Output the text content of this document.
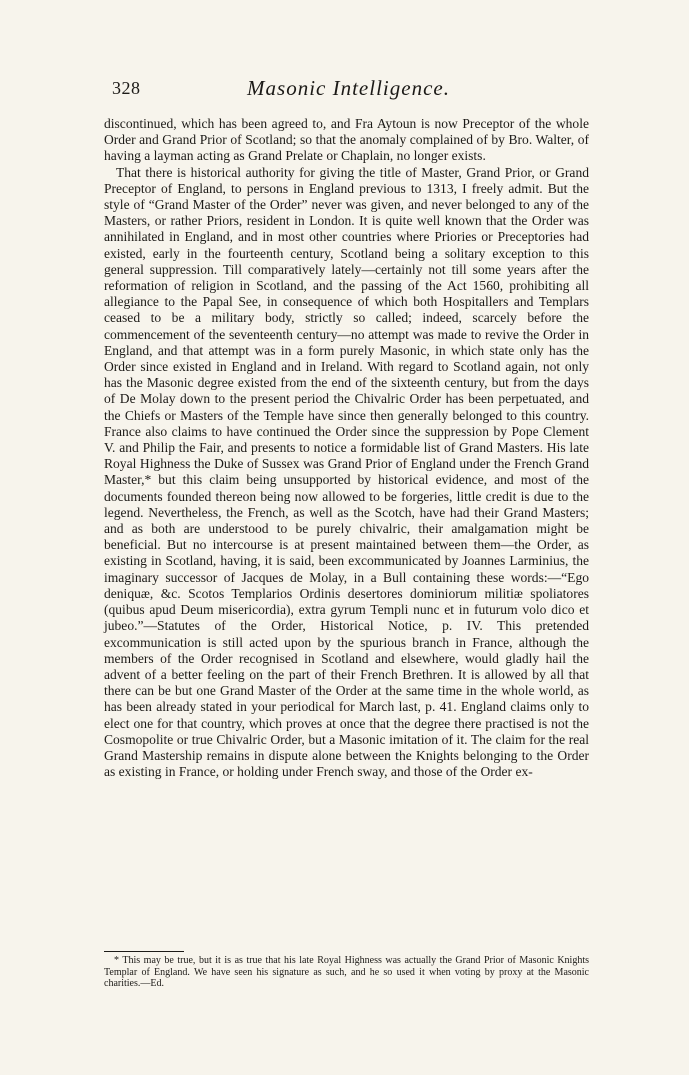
328	Masonic Intelligence.

discontinued, which has been agreed to, and Fra Aytoun is now Preceptor of the whole Order and Grand Prior of Scotland; so that the anomaly complained of by Bro. Walter, of having a layman acting as Grand Prelate or Chaplain, no longer exists.

That there is historical authority for giving the title of Master, Grand Prior, or Grand Preceptor of England, to persons in England previous to 1313, I freely admit. But the style of “Grand Master of the Order” never was given, and never belonged to any of the Masters, or rather Priors, resident in London. It is quite well known that the Order was annihilated in England, and in most other countries where Priories or Preceptories had existed, early in the fourteenth century, Scotland being a solitary exception to this general suppression. Till comparatively lately—certainly not till some years after the reformation of religion in Scotland, and the passing of the Act 1560, prohibiting all allegiance to the Papal See, in consequence of which both Hospitallers and Templars ceased to be a military body, strictly so called; indeed, scarcely before the commencement of the seventeenth century—no attempt was made to revive the Order in England, and that attempt was in a form purely Masonic, in which state only has the Order since existed in England and in Ireland. With regard to Scotland again, not only has the Masonic degree existed from the end of the sixteenth century, but from the days of De Molay down to the present period the Chivalric Order has been perpetuated, and the Chiefs or Masters of the Temple have since then generally belonged to this country. France also claims to have continued the Order since the suppression by Pope Clement V. and Philip the Fair, and presents to notice a formidable list of Grand Masters. His late Royal Highness the Duke of Sussex was Grand Prior of England under the French Grand Master,* but this claim being unsupported by historical evidence, and most of the documents founded thereon being now allowed to be forgeries, little credit is due to the legend. Nevertheless, the French, as well as the Scotch, have had their Grand Masters; and as both are understood to be purely chivalric, their amalgamation might be beneficial. But no intercourse is at present maintained between them—the Order, as existing in Scotland, having, it is said, been excommunicated by Joannes Larminius, the imaginary successor of Jacques de Molay, in a Bull containing these words:—“Ego deniquæ, &c. Scotos Templarios Ordinis desertores dominiorum militiæ spoliatores (quibus apud Deum misericordia), extra gyrum Templi nunc et in futurum volo dico et jubeo.”—Statutes of the Order, Historical Notice, p. IV. This pretended excommunication is still acted upon by the spurious branch in France, although the members of the Order recognised in Scotland and elsewhere, would gladly hail the advent of a better feeling on the part of their French Brethren. It is allowed by all that there can be but one Grand Master of the Order at the same time in the whole world, as has been already stated in your periodical for March last, p. 41. England claims only to elect one for that country, which proves at once that the degree there practised is not the Cosmopolite or true Chivalric Order, but a Masonic imitation of it. The claim for the real Grand Mastership remains in dispute alone between the Knights belonging to the Order as existing in France, or holding under French sway, and those of the Order ex-

* This may be true, but it is as true that his late Royal Highness was actually the Grand Prior of Masonic Knights Templar of England. We have seen his signature as such, and he so used it when voting by proxy at the Masonic charities.—Ed.
